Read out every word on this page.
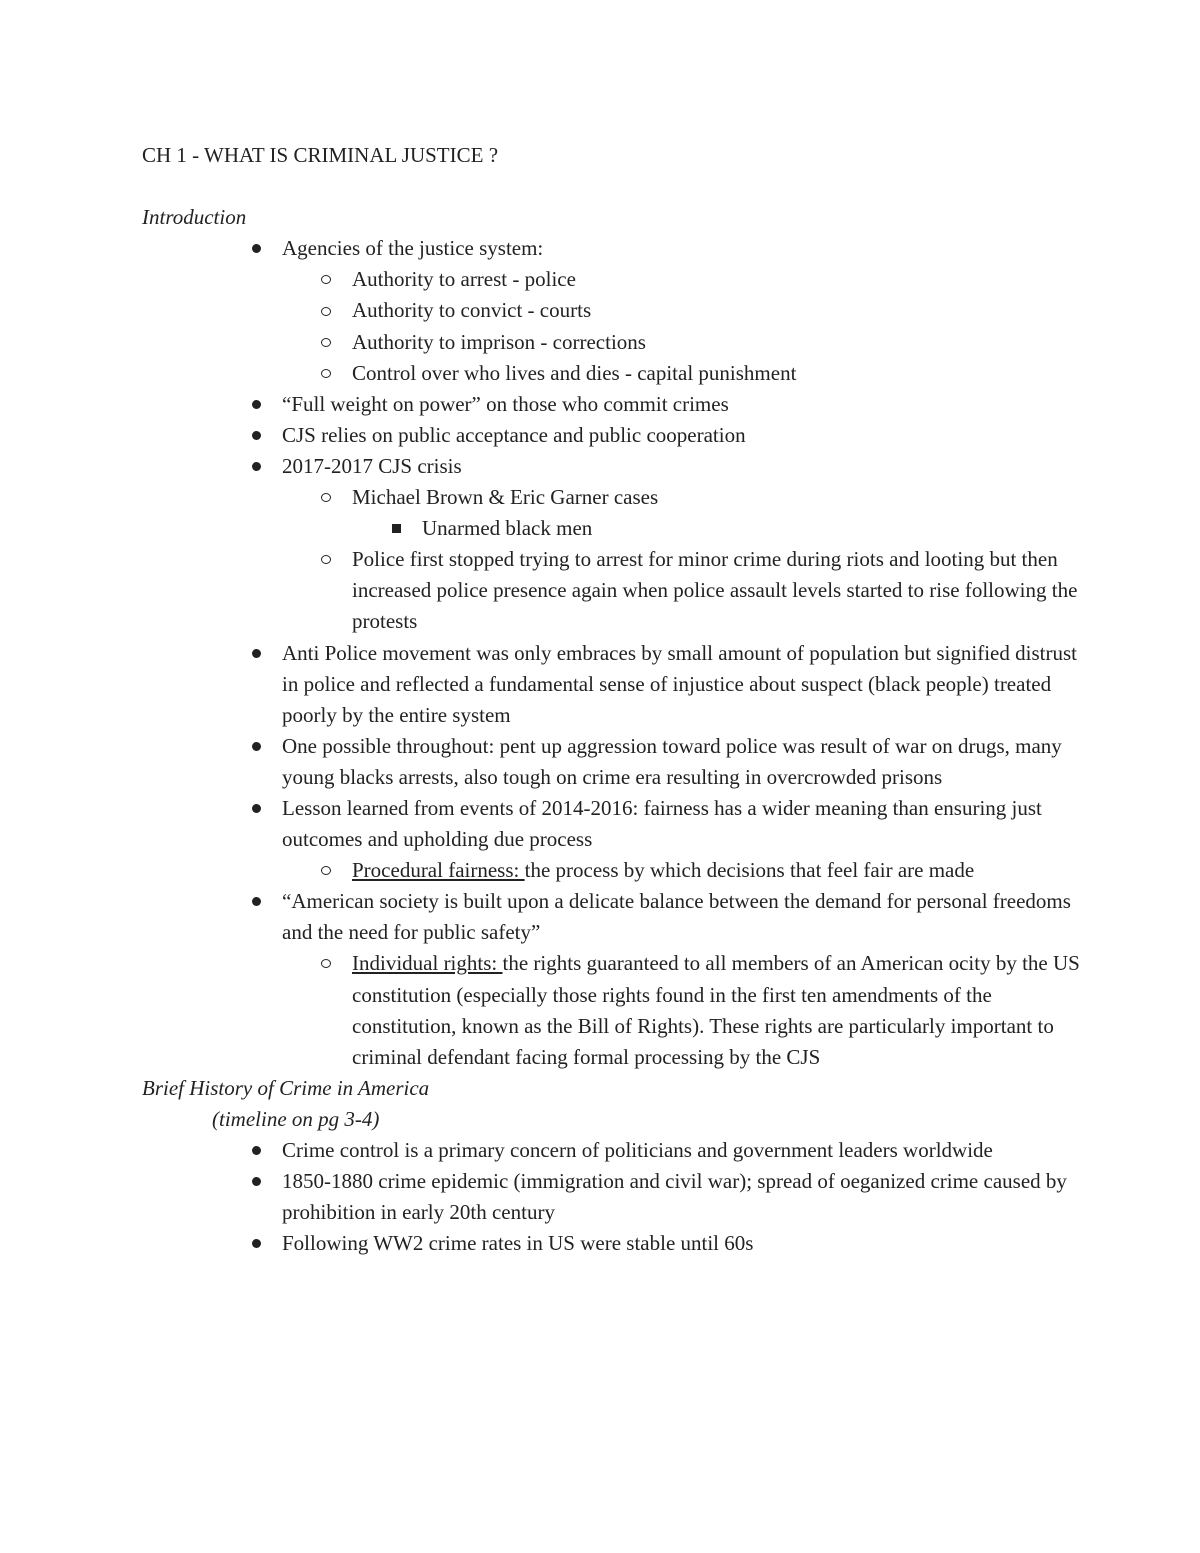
CH 1 - WHAT IS CRIMINAL JUSTICE ?

Introduction

Agencies of the justice system:
Authority to arrest - police
Authority to convict - courts
Authority to imprison - corrections
Control over who lives and dies - capital punishment
“Full weight on power” on those who commit crimes
CJS relies on public acceptance and public cooperation
2017-2017 CJS crisis
Michael Brown & Eric Garner cases
Unarmed black men
Police first stopped trying to arrest for minor crime during riots and looting but then increased police presence again when police assault levels started to rise following the protests
Anti Police movement was only embraces by small amount of population but signified distrust in police and reflected a fundamental sense of injustice about suspect (black people) treated poorly by the entire system
One possible throughout: pent up aggression toward police was result of war on drugs, many young blacks arrests, also tough on crime era resulting in overcrowded prisons
Lesson learned from events of 2014-2016: fairness has a wider meaning than ensuring just outcomes and upholding due process
Procedural fairness: the process by which decisions that feel fair are made
“American society is built upon a delicate balance between the demand for personal freedoms and the need for public safety”
Individual rights: the rights guaranteed to all members of an American ocity by the US constitution (especially those rights found in the first ten amendments of the constitution, known as the Bill of Rights). These rights are particularly important to criminal defendant facing formal processing by the CJS

Brief History of Crime in America

(timeline on pg 3-4)

Crime control is a primary concern of politicians and government leaders worldwide
1850-1880 crime epidemic (immigration and civil war); spread of oeganized crime caused by prohibition in early 20th century
Following WW2 crime rates in US were stable until 60s
